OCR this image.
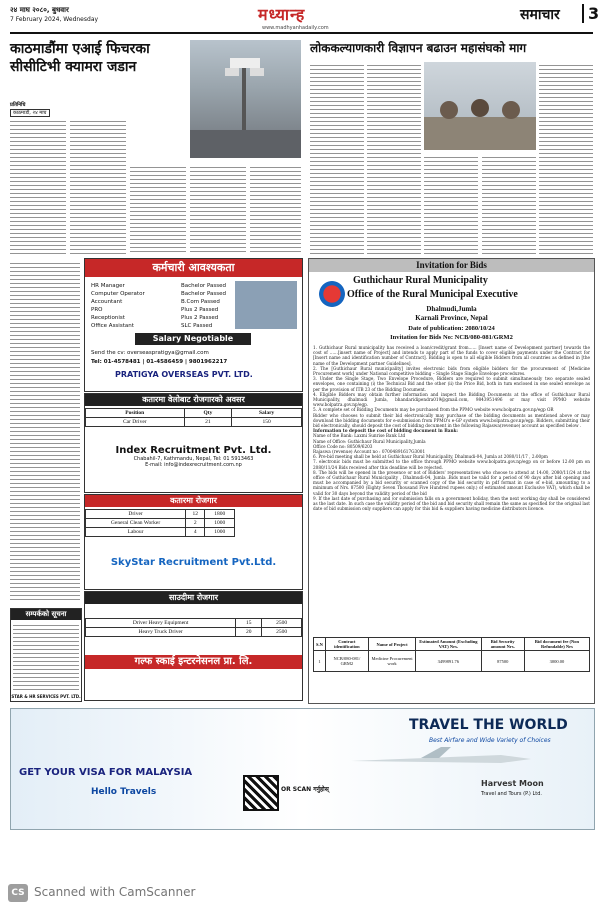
२४ माघ २०८०, बुधवार
7 February 2024, Wednesday	मध्यान्ह
www.madhyanhadaily.com
समाचार	3
काठमाडौंमा एआई फिचरका सीसीटिभी क्यामरा जडान
प्रतिनिधि
काठमाडौं, २४ माघ
लोककल्याणकारी विज्ञापन बढाउन महासंघको माग
सम्पर्कको सूचना
STAR & HR SERVICES PVT. LTD.
कर्मचारी आवश्यकता
HR Manager	Bachelor Passed
Computer Operator	Bachelor Passed
Accountant	B.Com Passed
PRO	Plus 2 Passed
Receptionist	Plus 2 Passed
Office Assistant	SLC Passed
Salary Negotiable
Send the cv: overseaspratigya@gmail.com
Tel: 01-4578481 | 01-4586459 | 9801962217
PRATIGYA OVERSEAS PVT. LTD.
कतारमा वेलोबाट रोजगारको अवसर
Position	Qty	Salary
Car Driver	21	150
Index Recruitment Pvt. Ltd.
Chabahil-7, Kathmandu, Nepal, Tel: 01 5913463
E-mail: info@indexrecruitment.com.np
कतारमा रोजगार
Driver	12	1800
General Clean Worker	2	1000
Labour	4	1000
SkyStar Recruitment Pvt.Ltd.
साउदीमा रोजगार
Driver Heavy Equipment	15	2500
Heavy Truck Driver	20	2500
गल्फ स्काई इन्टरनेसनल प्रा. लि.
Invitation for Bids
Guthichaur Rural Municipality
Office of the Rural Municipal Executive
Dhalmudi,Jumla
Karnali Province, Nepal
Date of publication: 2080/10/24
Invitation for Bids No: NCB/080-081/GRM2
1. Guthichaur Rural municipality has received a loan/credit/grant from...... [Insert name of Development partner] towards the cost of ......[insert name of Project] and intends to apply part of the funds to cover eligible payments under the Contract for [Insert name and identification number of Contract]. Bidding is open to all eligible Bidders from all countries as defined in [the name of the Development partner Guidelines].
2. The [Guthichaur Rural municipality] invites electronic bids from eligible bidders for the procurement of [Medicine Procurement work] under National competitive bidding – Single Stage Single Envelope procedures.
3. Under the Single Stage, Two Envelope Procedure, Bidders are required to submit simultaneously two separate sealed envelopes, one containing (i) the Technical Bid and the other (ii) the Price Bid, both in tum enclosed in one sealed envelope as per the provision of ITB 23 of the Bidding Document.
4. Eligible Bidders may obtain further information and inspect the Bidding Documents at the office of Guthichaur Rural Municipality, dhalmudi Jumla, bhandaridipendra019@gmail.com, 9843951496 or may visit PPMO website www.bolpatra.gov.np/egp.
5. A complete set of Bidding Documents may be purchased from the PPMO website www.bolpatra.gov.np/egp OR
Bidder who chooses to submit their bid electronically may purchase of the bidding documents as mentioned above or may download the bidding documents for e-submission from PPMO's e-GP system www.bolpatra.gov.np/egp. Bidders, submitting their bid electronically, should deposit the cost of bidding document in the following Rajaswa(revenue) account as specified below .
Information to deposit the cost of bidding document in Bank:
Name of the Bank: Laxmi Sunrise Bank Ltd
Name of Office: Guthichaur Rural Municipality,Jumla
Office Code no: 80509/6203
Rajaswa (revenue) Account no : 07004891617G3001
6. Pre-bid meeting shall be held at Guthichaur Rural Municipality, Dhalmudi-04, Jumla at 2080/11/17 , 2:00pm
7. electronic bids must be submitted to the office through PPMO website www.bolpatra.gov.np/egp on or before 12:00 pm on 2080/11/24 Bids received after this deadline will be rejected.
8. The bids will be opened in the presence or not of Bidders' representatives who choose to attend at 14:00, 2080/11/24 at the office of Guthichaur Rural Municipality , Dhalmudi-04, Jumla .Bids must be valid for a period of 90 days after bid opening and must be accompanied by a bid security or scanned copy of the bid security in pdf format in case of e-bid, amounting to a minimum of Nrs. 87500 (Eighty Seven Thousand Five Hundred rupees only.) of estimated amount Exclusive VAT), which shall be valid for 30 days beyond the validity period of the bid
9. If the last date of purchasing and /or submission falls on a government holiday, then the next working day shall be considered as the last date. In such case the validity period of the bid and bid security shall remain the same as specified for the original last date of bid submission only suppliers can apply for this bid & suppliers having medicine distributors licence.
S.N	Contract identification	Name of Project	Estimated Amount (Excluding VAT) Nrs.	Bid Security amount Nrs.	Bid document fee (Non Refundable) Nrs
1	NCB/080-081/ GRM2	Medicine Procurement work	3499891.76	87500	3000.00
GET YOUR VISA FOR MALAYSIA
Hello Travels	OR SCAN गर्नुहोस्
TRAVEL THE WORLD
Best Airfare and Wide Variety of Choices
Harvest Moon
Travel and Tours (P.) Ltd.
CS Scanned with CamScanner
